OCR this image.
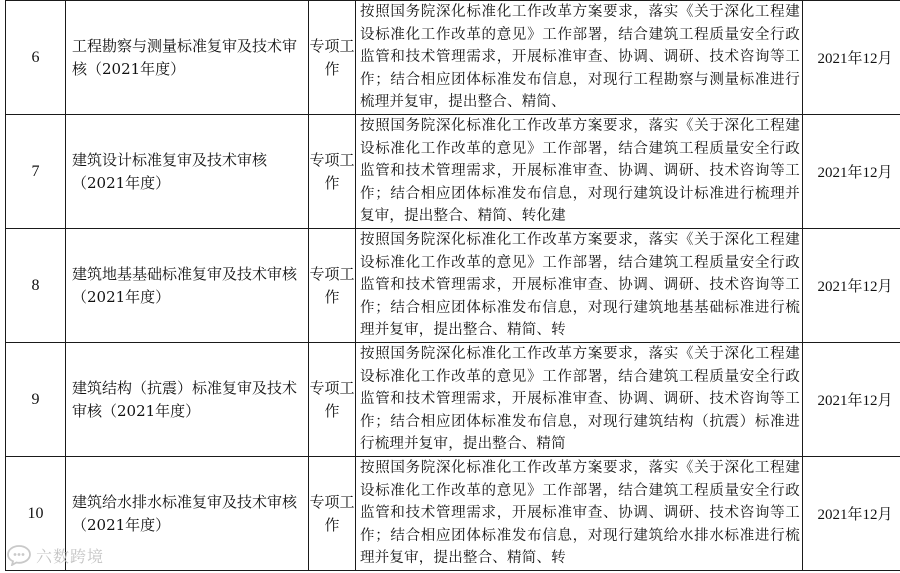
6	工程勘察与测量标准复审及技术审核（2021年度）	专项工作	按照国务院深化标准化工作改革方案要求，落实《关于深化工程建设标准化工作改革的意见》工作部署，结合建筑工程质量安全行政监管和技术管理需求，开展标准审查、协调、调研、技术咨询等工作；结合相应团体标准发布信息，对现行工程勘察与测量标准进行梳理并复审，提出整合、精简、	2021年12月
7	建筑设计标准复审及技术审核（2021年度）	专项工作	按照国务院深化标准化工作改革方案要求，落实《关于深化工程建设标准化工作改革的意见》工作部署，结合建筑工程质量安全行政监管和技术管理需求，开展标准审查、协调、调研、技术咨询等工作；结合相应团体标准发布信息，对现行建筑设计标准进行梳理并复审，提出整合、精简、转化建	2021年12月
8	建筑地基基础标准复审及技术审核（2021年度）	专项工作	按照国务院深化标准化工作改革方案要求，落实《关于深化工程建设标准化工作改革的意见》工作部署，结合建筑工程质量安全行政监管和技术管理需求，开展标准审查、协调、调研、技术咨询等工作；结合相应团体标准发布信息，对现行建筑地基基础标准进行梳理并复审，提出整合、精简、转	2021年12月
9	建筑结构（抗震）标准复审及技术审核（2021年度）	专项工作	按照国务院深化标准化工作改革方案要求，落实《关于深化工程建设标准化工作改革的意见》工作部署，结合建筑工程质量安全行政监管和技术管理需求，开展标准审查、协调、调研、技术咨询等工作；结合相应团体标准发布信息，对现行建筑结构（抗震）标准进行梳理并复审，提出整合、精简	2021年12月
10	建筑给水排水标准复审及技术审核（2021年度）	专项工作	按照国务院深化标准化工作改革方案要求，落实《关于深化工程建设标准化工作改革的意见》工作部署，结合建筑工程质量安全行政监管和技术管理需求，开展标准审查、协调、调研、技术咨询等工作；结合相应团体标准发布信息，对现行建筑给水排水标准进行梳理并复审，提出整合、精简、转	2021年12月
六数跨境
